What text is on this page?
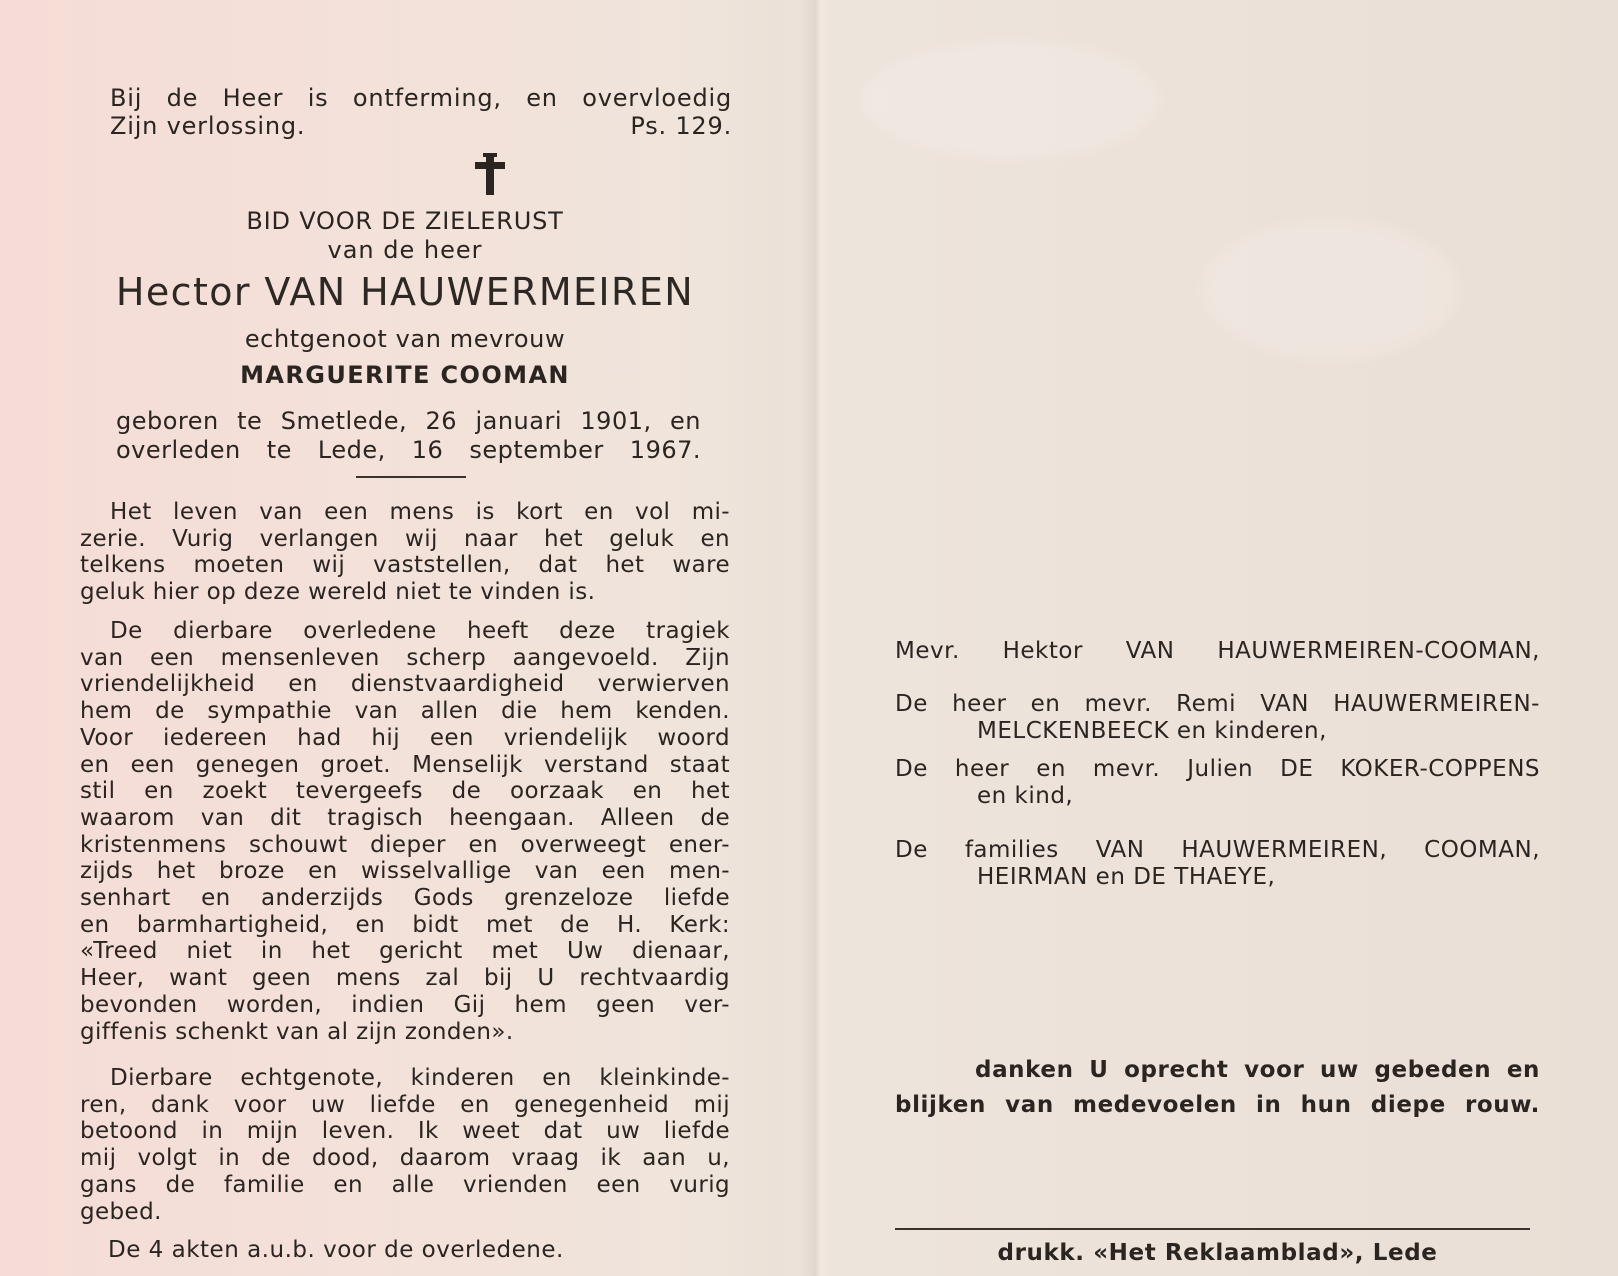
Bij de Heer is ontferming, en overvloedig
Zijn verlossing.	Ps. 129.
BID VOOR DE ZIELERUST
van de heer
Hector VAN HAUWERMEIREN
echtgenoot van mevrouw
MARGUERITE COOMAN
geboren te Smetlede, 26 januari 1901, en
overleden te Lede, 16 september 1967.
Het leven van een mens is kort en vol mi-
zerie. Vurig verlangen wij naar het geluk en
telkens moeten wij vaststellen, dat het ware
geluk hier op deze wereld niet te vinden is.
De dierbare overledene heeft deze tragiek
van een mensenleven scherp aangevoeld. Zijn
vriendelijkheid en dienstvaardigheid verwierven
hem de sympathie van allen die hem kenden.
Voor iedereen had hij een vriendelijk woord
en een genegen groet. Menselijk verstand staat
stil en zoekt tevergeefs de oorzaak en het
waarom van dit tragisch heengaan. Alleen de
kristenmens schouwt dieper en overweegt ener-
zijds het broze en wisselvallige van een men-
senhart en anderzijds Gods grenzeloze liefde
en barmhartigheid, en bidt met de H. Kerk:
«Treed niet in het gericht met Uw dienaar,
Heer, want geen mens zal bij U rechtvaardig
bevonden worden, indien Gij hem geen ver-
giffenis schenkt van al zijn zonden».
Dierbare echtgenote, kinderen en kleinkinde-
ren, dank voor uw liefde en genegenheid mij
betoond in mijn leven. Ik weet dat uw liefde
mij volgt in de dood, daarom vraag ik aan u,
gans de familie en alle vrienden een vurig
gebed.
De 4 akten a.u.b. voor de overledene.
Mevr. Hektor VAN HAUWERMEIREN-COOMAN,
De heer en mevr. Remi VAN HAUWERMEIREN-
MELCKENBEECK en kinderen,
De heer en mevr. Julien DE KOKER-COPPENS
en kind,
De families VAN HAUWERMEIREN, COOMAN,
HEIRMAN en DE THAEYE,
danken U oprecht voor uw gebeden en
blijken van medevoelen in hun diepe rouw.
drukk. «Het Reklaamblad», Lede
